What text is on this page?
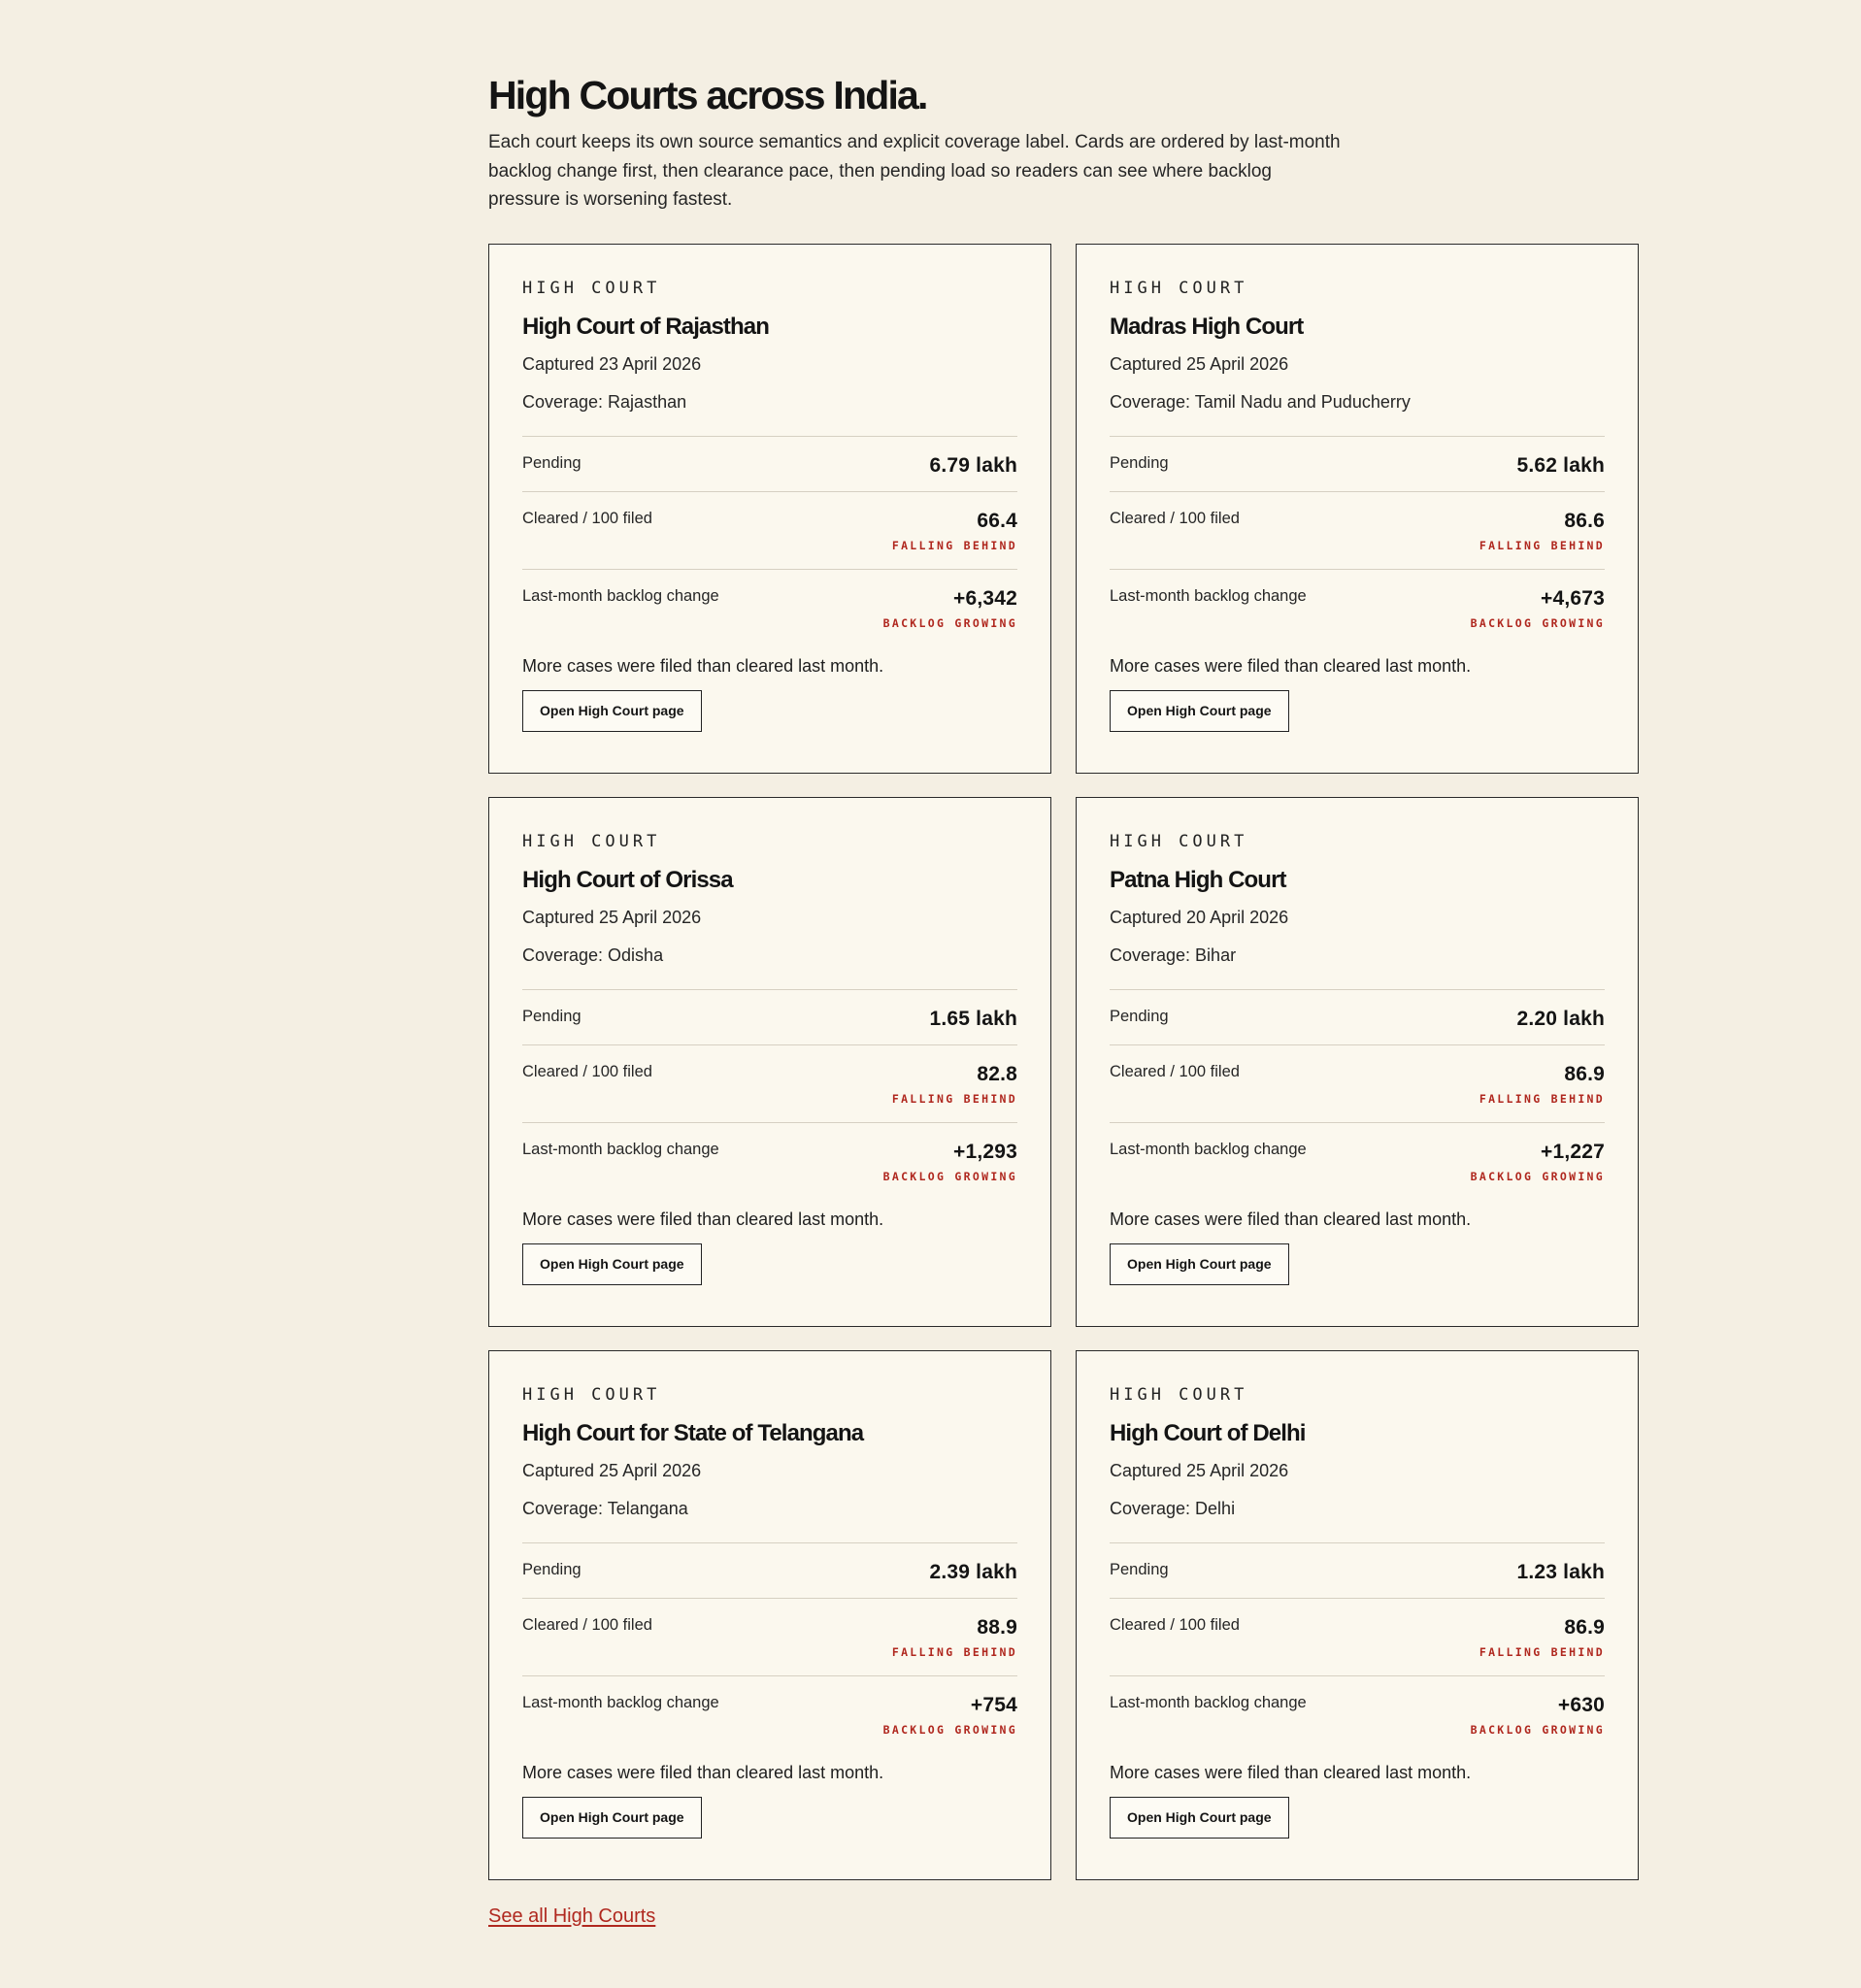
High Courts across India.

Each court keeps its own source semantics and explicit coverage label. Cards are ordered by last-month backlog change first, then clearance pace, then pending load so readers can see where backlog pressure is worsening fastest.

HIGH COURT
High Court of Rajasthan
Captured 23 April 2026
Coverage: Rajasthan
Pending	6.79 lakh
Cleared / 100 filed	66.4
FALLING BEHIND
Last-month backlog change	+6,342
BACKLOG GROWING
More cases were filed than cleared last month.
Open High Court page
HIGH COURT
Madras High Court
Captured 25 April 2026
Coverage: Tamil Nadu and Puducherry
Pending	5.62 lakh
Cleared / 100 filed	86.6
FALLING BEHIND
Last-month backlog change	+4,673
BACKLOG GROWING
More cases were filed than cleared last month.
Open High Court page
HIGH COURT
High Court of Orissa
Captured 25 April 2026
Coverage: Odisha
Pending	1.65 lakh
Cleared / 100 filed	82.8
FALLING BEHIND
Last-month backlog change	+1,293
BACKLOG GROWING
More cases were filed than cleared last month.
Open High Court page
HIGH COURT
Patna High Court
Captured 20 April 2026
Coverage: Bihar
Pending	2.20 lakh
Cleared / 100 filed	86.9
FALLING BEHIND
Last-month backlog change	+1,227
BACKLOG GROWING
More cases were filed than cleared last month.
Open High Court page
HIGH COURT
High Court for State of Telangana
Captured 25 April 2026
Coverage: Telangana
Pending	2.39 lakh
Cleared / 100 filed	88.9
FALLING BEHIND
Last-month backlog change	+754
BACKLOG GROWING
More cases were filed than cleared last month.
Open High Court page
HIGH COURT
High Court of Delhi
Captured 25 April 2026
Coverage: Delhi
Pending	1.23 lakh
Cleared / 100 filed	86.9
FALLING BEHIND
Last-month backlog change	+630
BACKLOG GROWING
More cases were filed than cleared last month.
Open High Court page
See all High Courts
